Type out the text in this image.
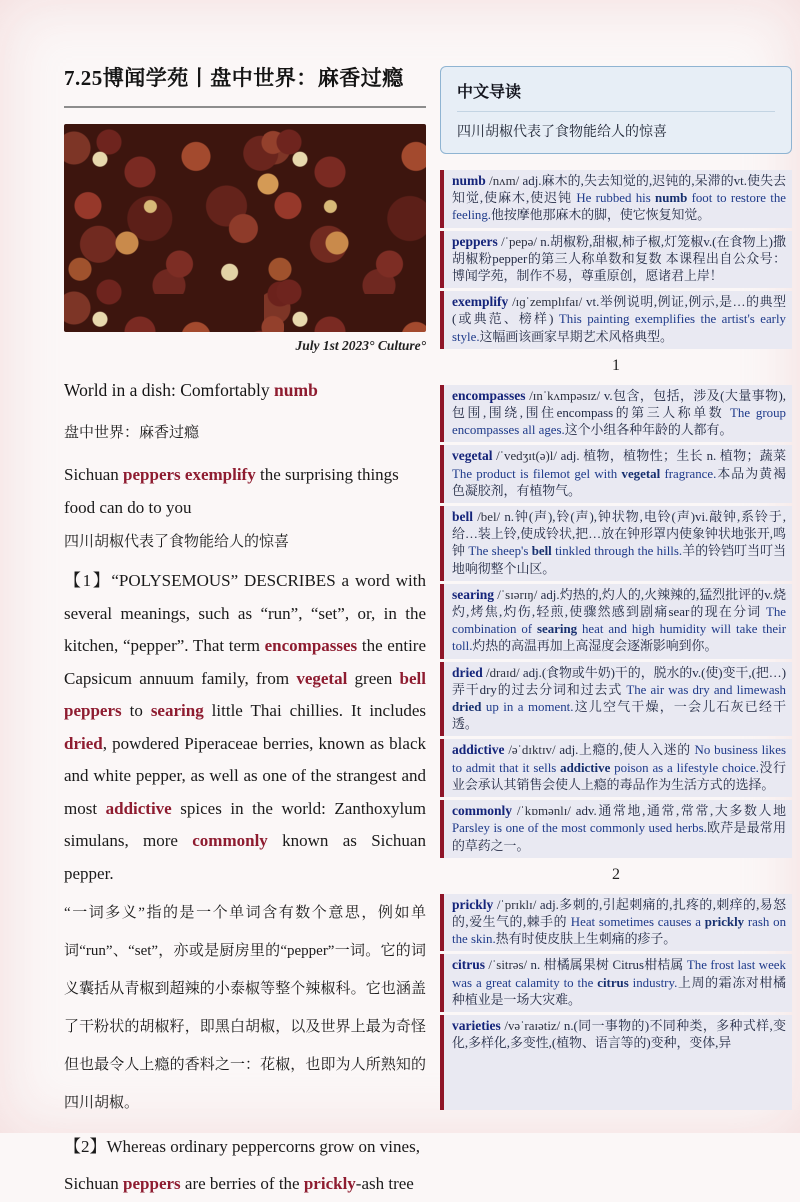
7.25博闻学苑丨盘中世界：麻香过瘾
July 1st 2023° Culture°
World in a dish: Comfortably numb
盘中世界：麻香过瘾
Sichuan peppers exemplify the surprising things food can do to you
四川胡椒代表了食物能给人的惊喜
【1】“POLYSEMOUS” DESCRIBES a word with several meanings, such as “run”, “set”, or, in the kitchen, “pepper”. That term encompasses the entire Capsicum annuum family, from vegetal green bell peppers to searing little Thai chillies. It includes dried, powdered Piperaceae berries, known as black and white pepper, as well as one of the strangest and most addictive spices in the world: Zanthoxylum simulans, more commonly known as Sichuan pepper.
“一词多义”指的是一个单词含有数个意思，例如单词“run”、“set”，亦或是厨房里的“pepper”一词。它的词义囊括从青椒到超辣的小泰椒等整个辣椒科。它也涵盖了干粉状的胡椒籽，即黑白胡椒，以及世界上最为奇怪但也最令人上瘾的香料之一：花椒，也即为人所熟知的四川胡椒。
【2】Whereas ordinary peppercorns grow on vines, Sichuan peppers are berries of the prickly-ash tree
中文导读
四川胡椒代表了食物能给人的惊喜
numb /nʌm/ adj.麻木的,失去知觉的,迟钝的,呆滞的vt.使失去知觉,使麻木,使迟钝 He rubbed his numb foot to restore the feeling.他按摩他那麻木的脚，使它恢复知觉。
peppers /ˈpepə/ n.胡椒粉,甜椒,柿子椒,灯笼椒v.(在食物上)撒胡椒粉pepper的第三人称单数和复数 本课程出自公众号：博闻学苑，制作不易，尊重原创，愿诸君上岸！
exemplify /ɪɡˈzemplɪfaɪ/ vt.举例说明,例证,例示,是…的典型(或典范、榜样) This painting exemplifies the artist's early style.这幅画该画家早期艺术风格典型。
1
encompasses /ɪnˈkʌmpəsɪz/ v.包含，包括，涉及(大量事物),包围,围绕,围住encompass的第三人称单数 The group encompasses all ages.这个小组各种年龄的人都有。
vegetal /ˈvedʒɪt(ə)l/ adj. 植物，植物性；生长 n. 植物；蔬菜 The product is filemot gel with vegetal fragrance.本品为黄褐色凝胶剂，有植物气。
bell /bel/ n.钟(声),铃(声),钟状物,电铃(声)vi.敲钟,系铃于,给…装上铃,使成铃状,把…放在钟形罩内使象钟状地张开,鸣钟 The sheep's bell tinkled through the hills.羊的铃铛叮当叮当地响彻整个山区。
searing /ˈsɪərɪŋ/ adj.灼热的,灼人的,火辣辣的,猛烈批评的v.烧灼,烤焦,灼伤,轻煎,使骤然感到剧痛sear的现在分词 The combination of searing heat and high humidity will take their toll.灼热的高温再加上高湿度会逐渐影响到你。
dried /draɪd/ adj.(食物或牛奶)干的，脱水的v.(使)变干,(把…)弄干dry的过去分词和过去式 The air was dry and limewash dried up in a moment.这儿空气干燥，一会儿石灰已经干透。
addictive /əˈdɪktɪv/ adj.上瘾的,使人入迷的 No business likes to admit that it sells addictive poison as a lifestyle choice.没行业会承认其销售会使人上瘾的毒品作为生活方式的选择。
commonly /ˈkɒmənlɪ/ adv.通常地,通常,常常,大多数人地 Parsley is one of the most commonly used herbs.欧芹是最常用的草药之一。
2
prickly /ˈprɪklɪ/ adj.多刺的,引起刺痛的,扎疼的,刺痒的,易怒的,爱生气的,棘手的 Heat sometimes causes a prickly rash on the skin.热有时使皮肤上生刺痛的疹子。
citrus /ˈsitrəs/ n. 柑橘属果树 Citrus柑桔属 The frost last week was a great calamity to the citrus industry.上周的霜冻对柑橘种植业是一场大灾难。
varieties /vəˈraɪətiz/ n.(同一事物的)不同种类，多种式样,变化,多样化,多变性,(植物、语言等的)变种，变体,异
